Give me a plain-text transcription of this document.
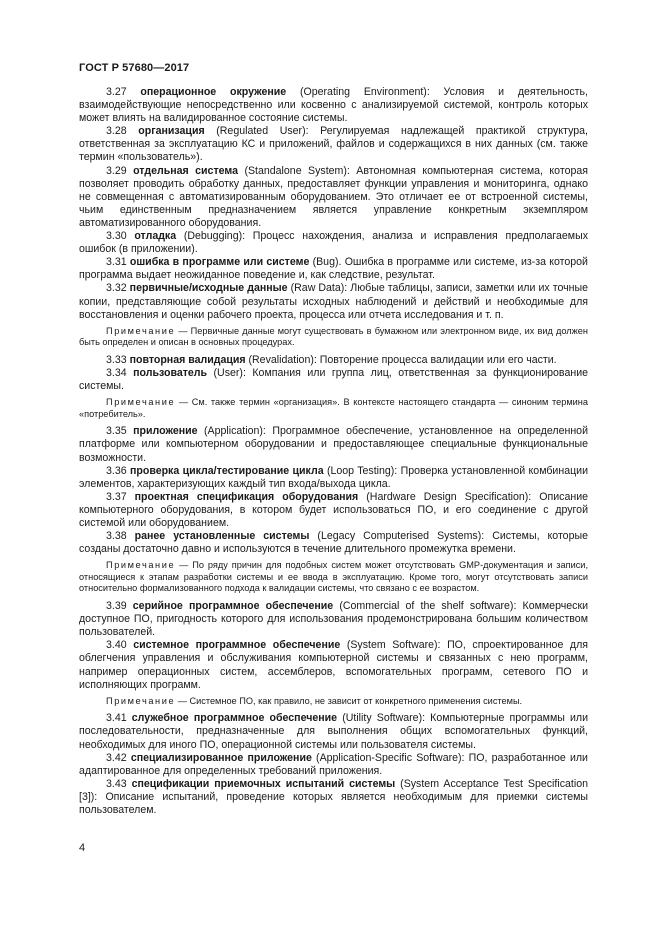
ГОСТ Р 57680—2017

3.27 операционное окружение (Operating Environment): Условия и деятельность, взаимодействующие непосредственно или косвенно с анализируемой системой, контроль которых может влиять на валидированное состояние системы.

3.28 организация (Regulated User): Регулируемая надлежащей практикой структура, ответственная за эксплуатацию КС и приложений, файлов и содержащихся в них данных (см. также термин «пользователь»).

3.29 отдельная система (Standalone System): Автономная компьютерная система, которая позволяет проводить обработку данных, предоставляет функции управления и мониторинга, однако не совмещенная с автоматизированным оборудованием. Это отличает ее от встроенной системы, чьим единственным предназначением является управление конкретным экземпляром автоматизированного оборудования.

3.30 отладка (Debugging): Процесс нахождения, анализа и исправления предполагаемых ошибок (в приложении).

3.31 ошибка в программе или системе (Bug). Ошибка в программе или системе, из-за которой программа выдает неожиданное поведение и, как следствие, результат.

3.32 первичные/исходные данные (Raw Data): Любые таблицы, записи, заметки или их точные копии, представляющие собой результаты исходных наблюдений и действий и необходимые для восстановления и оценки рабочего проекта, процесса или отчета исследования и т. п.

Примечание — Первичные данные могут существовать в бумажном или электронном виде, их вид должен быть определен и описан в основных процедурах.

3.33 повторная валидация (Revalidation): Повторение процесса валидации или его части.

3.34 пользователь (User): Компания или группа лиц, ответственная за функционирование системы.

Примечание — См. также термин «организация». В контексте настоящего стандарта — синоним термина «потребитель».

3.35 приложение (Application): Программное обеспечение, установленное на определенной платформе или компьютерном оборудовании и предоставляющее специальные функциональные возможности.

3.36 проверка цикла/тестирование цикла (Loop Testing): Проверка установленной комбинации элементов, характеризующих каждый тип входа/выхода цикла.

3.37 проектная спецификация оборудования (Hardware Design Specification): Описание компьютерного оборудования, в котором будет использоваться ПО, и его соединение с другой системой или оборудованием.

3.38 ранее установленные системы (Legacy Computerised Systems): Системы, которые созданы достаточно давно и используются в течение длительного промежутка времени.

Примечание — По ряду причин для подобных систем может отсутствовать GMP-документация и записи, относящиеся к этапам разработки системы и ее ввода в эксплуатацию. Кроме того, могут отсутствовать записи относительно формализованного подхода к валидации системы, что связано с ее возрастом.

3.39 серийное программное обеспечение (Commercial of the shelf software): Коммерчески доступное ПО, пригодность которого для использования продемонстрирована большим количеством пользователей.

3.40 системное программное обеспечение (System Software): ПО, спроектированное для облегчения управления и обслуживания компьютерной системы и связанных с нею программ, например операционных систем, ассемблеров, вспомогательных программ, сетевого ПО и исполняющих программ.

Примечание — Системное ПО, как правило, не зависит от конкретного применения системы.

3.41 служебное программное обеспечение (Utility Software): Компьютерные программы или последовательности, предназначенные для выполнения общих вспомогательных функций, необходимых для иного ПО, операционной системы или пользователя системы.

3.42 специализированное приложение (Application-Specific Software): ПО, разработанное или адаптированное для определенных требований приложения.

3.43 спецификации приемочных испытаний системы (System Acceptance Test Specification [3]): Описание испытаний, проведение которых является необходимым для приемки системы пользователем.

4
